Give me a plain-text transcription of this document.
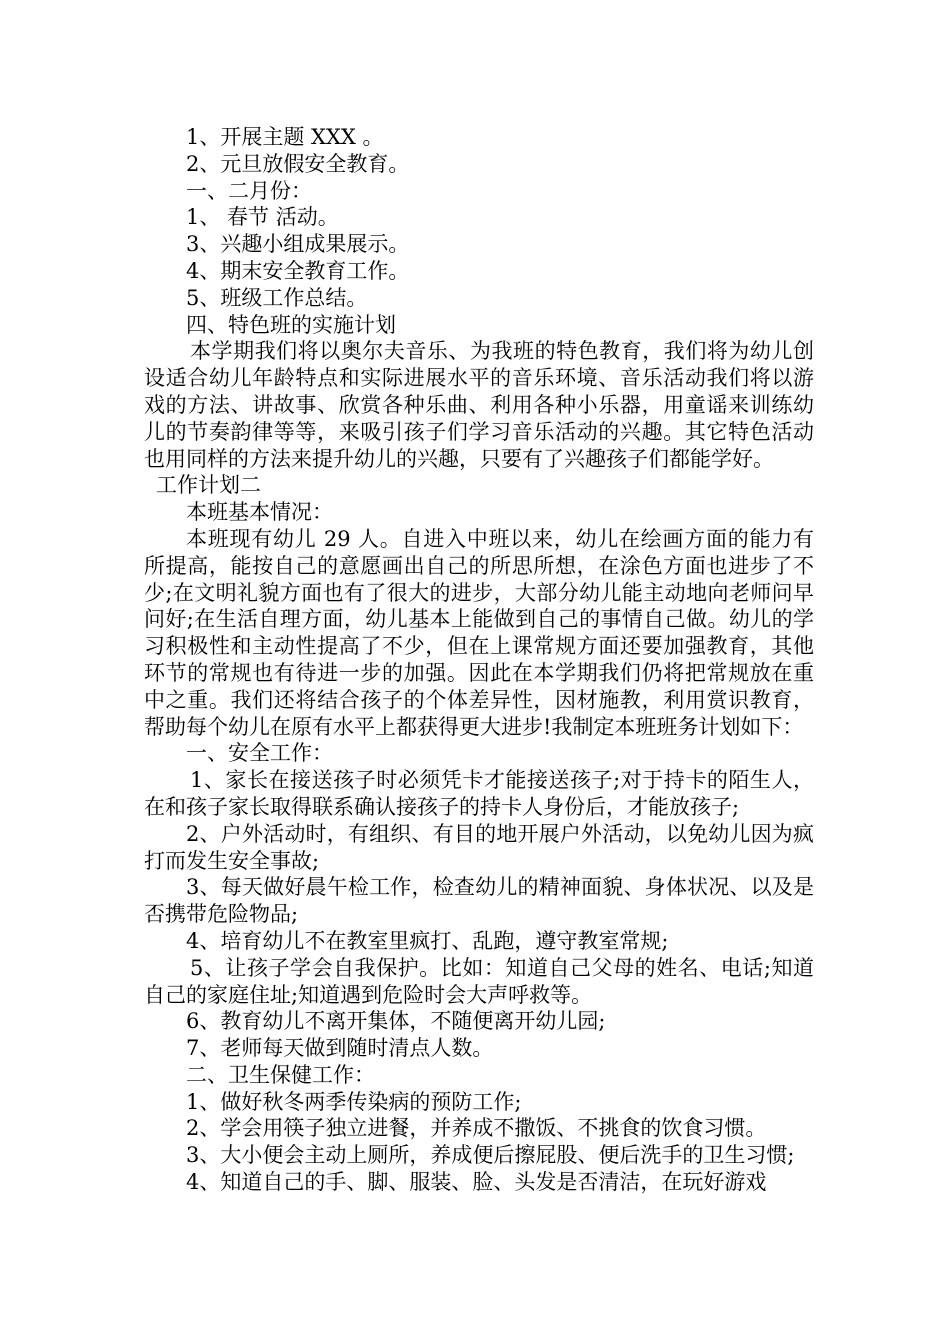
1、开展主题 XXX 。

2、元旦放假安全教育。

一、二月份：

1、 春节 活动。

3、兴趣小组成果展示。

4、期末安全教育工作。

5、班级工作总结。

四、特色班的实施计划

本学期我们将以奥尔夫音乐、为我班的特色教育，我们将为幼儿创设适合幼儿年龄特点和实际进展水平的音乐环境、音乐活动我们将以游戏的方法、讲故事、欣赏各种乐曲、利用各种小乐器，用童谣来训练幼儿的节奏韵律等等，来吸引孩子们学习音乐活动的兴趣。其它特色活动也用同样的方法来提升幼儿的兴趣，只要有了兴趣孩子们都能学好。

工作计划二

本班基本情况：

本班现有幼儿 29 人。自进入中班以来，幼儿在绘画方面的能力有所提高，能按自己的意愿画出自己的所思所想，在涂色方面也进步了不少;在文明礼貌方面也有了很大的进步，大部分幼儿能主动地向老师问早问好;在生活自理方面，幼儿基本上能做到自己的事情自己做。幼儿的学习积极性和主动性提高了不少，但在上课常规方面还要加强教育，其他环节的常规也有待进一步的加强。因此在本学期我们仍将把常规放在重中之重。我们还将结合孩子的个体差异性，因材施教，利用赏识教育，帮助每个幼儿在原有水平上都获得更大进步!我制定本班班务计划如下：

一、安全工作：

1、家长在接送孩子时必须凭卡才能接送孩子;对于持卡的陌生人，在和孩子家长取得联系确认接孩子的持卡人身份后，才能放孩子;

2、户外活动时，有组织、有目的地开展户外活动，以免幼儿因为疯打而发生安全事故;

3、每天做好晨午检工作，检查幼儿的精神面貌、身体状况、以及是否携带危险物品;

4、培育幼儿不在教室里疯打、乱跑，遵守教室常规;

5、让孩子学会自我保护。比如：知道自己父母的姓名、电话;知道自己的家庭住址;知道遇到危险时会大声呼救等。

6、教育幼儿不离开集体，不随便离开幼儿园;

7、老师每天做到随时清点人数。

二、卫生保健工作：

1、做好秋冬两季传染病的预防工作;

2、学会用筷子独立进餐，并养成不撒饭、不挑食的饮食习惯。

3、大小便会主动上厕所，养成便后擦屁股、便后洗手的卫生习惯;

4、知道自己的手、脚、服装、脸、头发是否清洁，在玩好游戏
